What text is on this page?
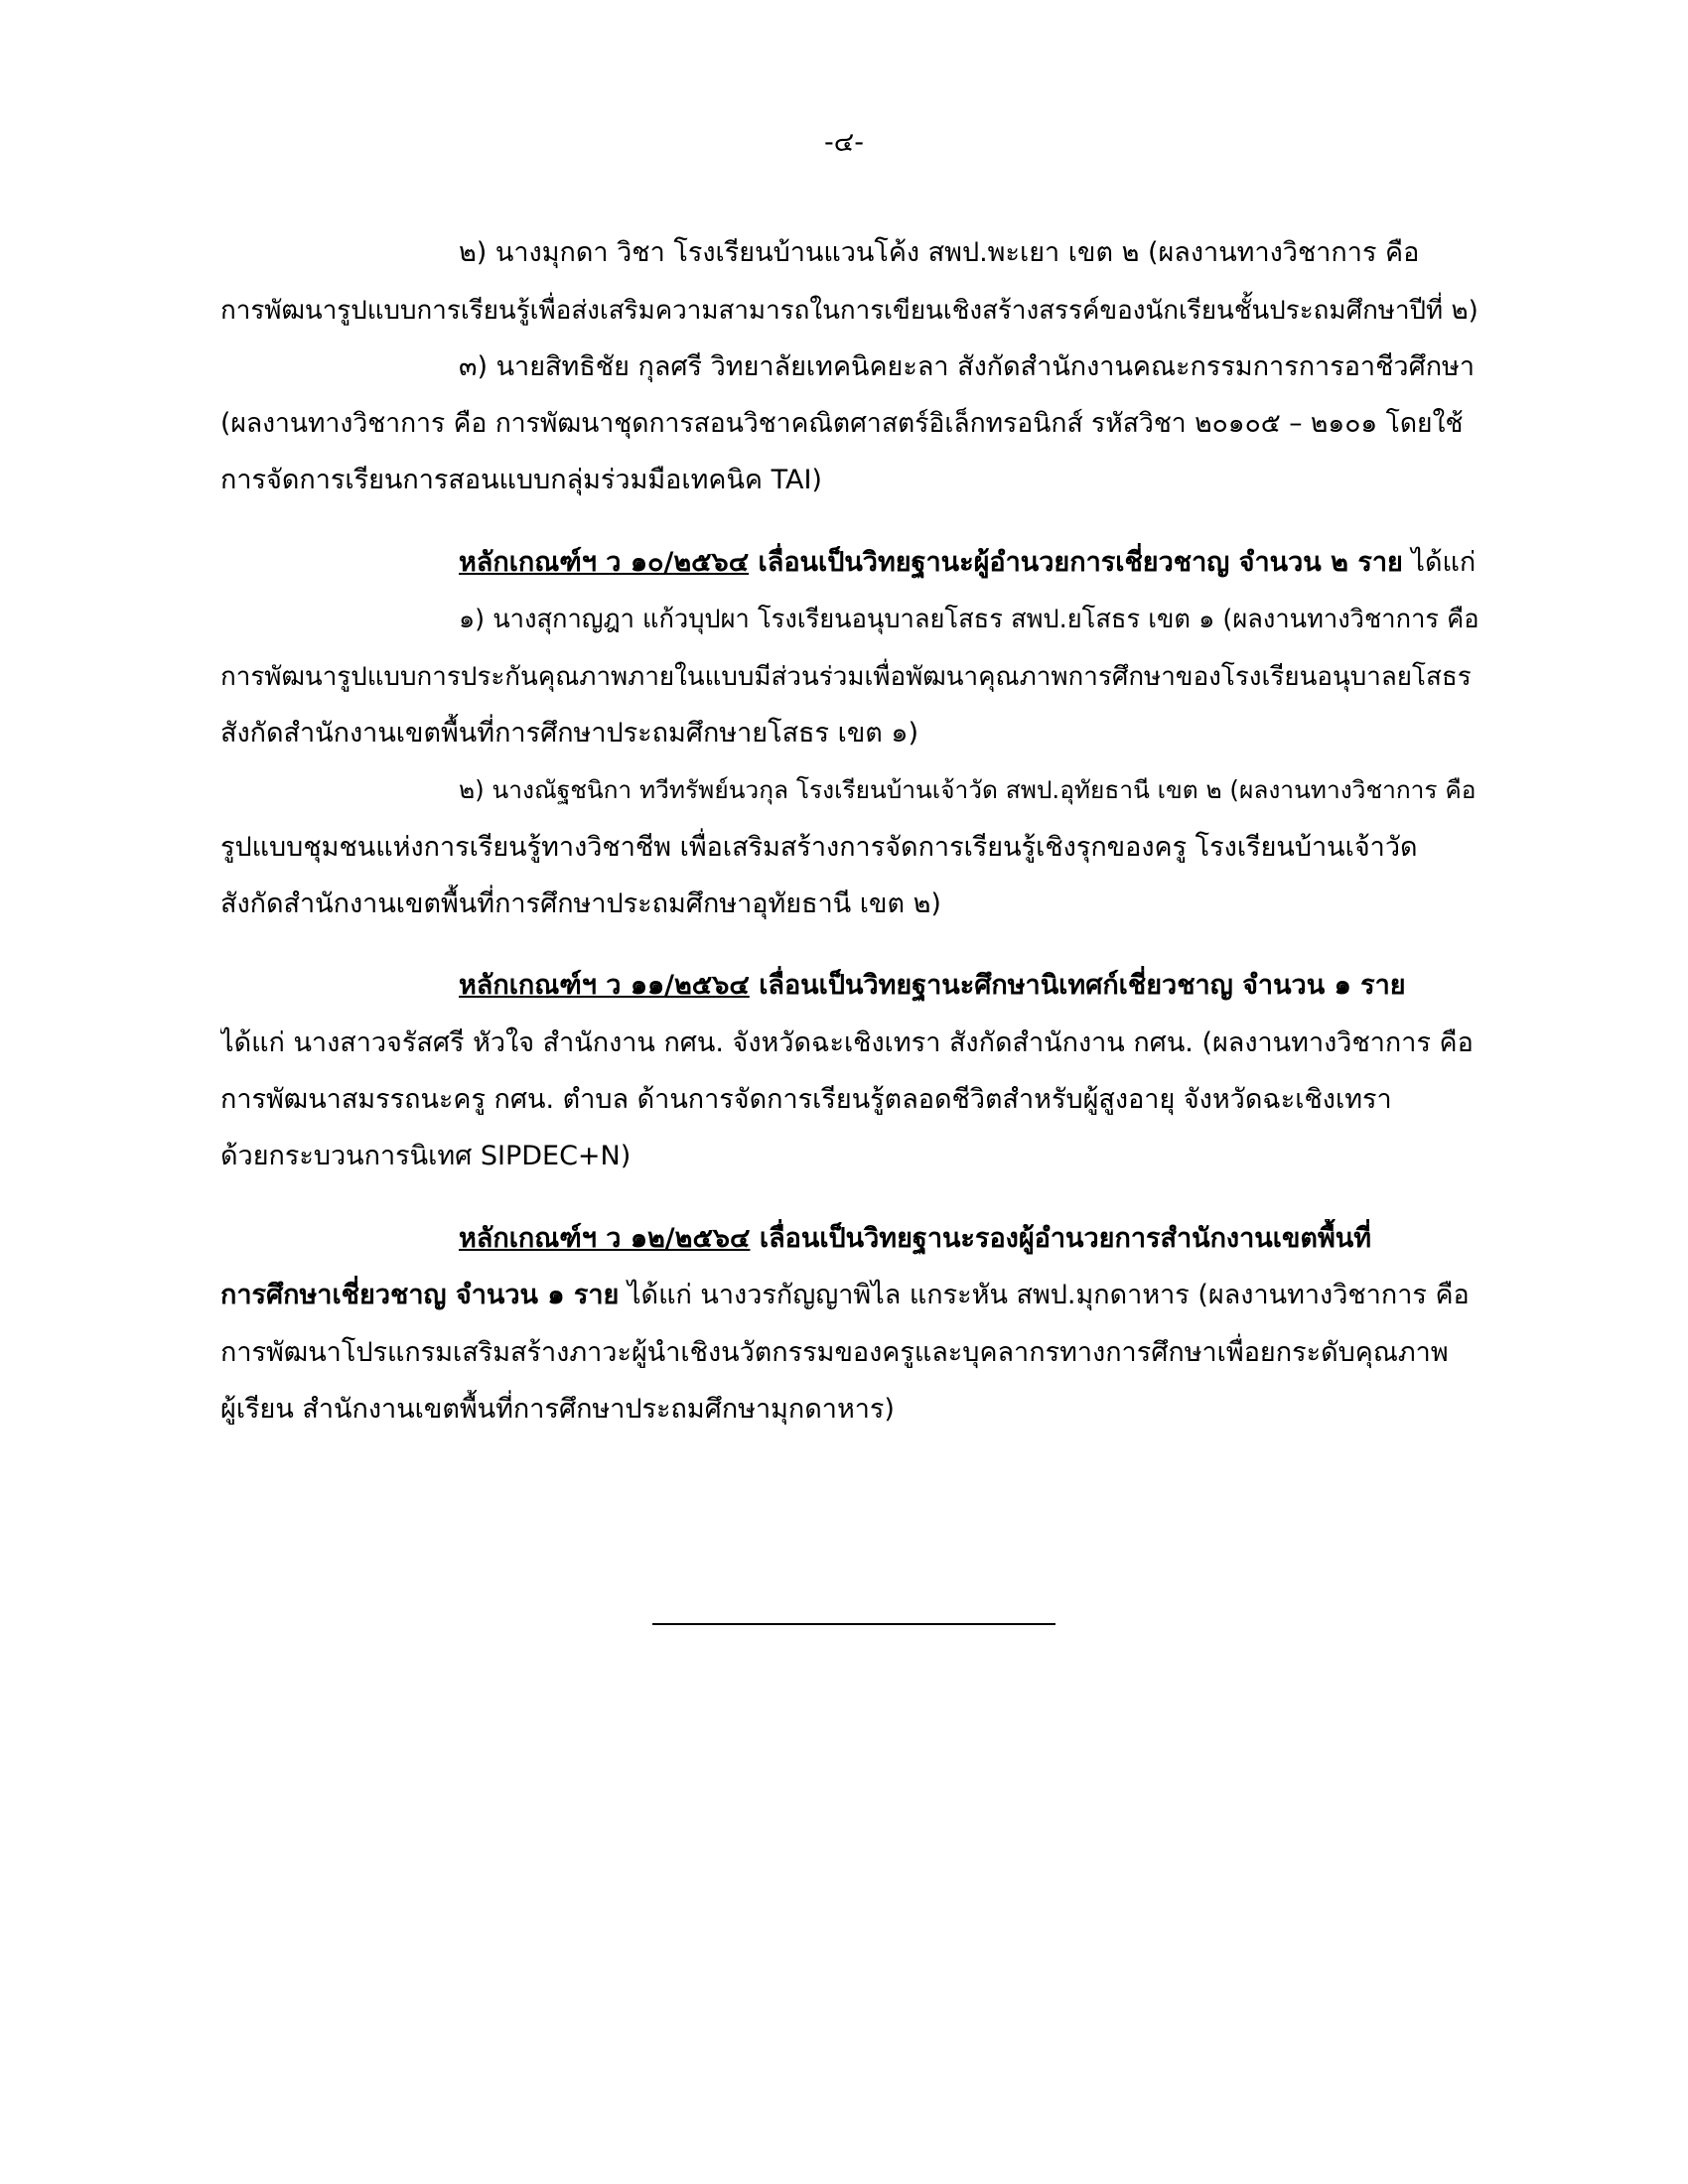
-๔-
๒) นางมุกดา วิชา โรงเรียนบ้านแวนโค้ง สพป.พะเยา เขต ๒ (ผลงานทางวิชาการ คือ
การพัฒนารูปแบบการเรียนรู้เพื่อส่งเสริมความสามารถในการเขียนเชิงสร้างสรรค์ของนักเรียนชั้นประถมศึกษาปีที่ ๒)
๓) นายสิทธิชัย กุลศรี วิทยาลัยเทคนิคยะลา สังกัดสำนักงานคณะกรรมการการอาชีวศึกษา
(ผลงานทางวิชาการ คือ การพัฒนาชุดการสอนวิชาคณิตศาสตร์อิเล็กทรอนิกส์ รหัสวิชา ๒๐๑๐๕ – ๒๑๐๑ โดยใช้
การจัดการเรียนการสอนแบบกลุ่มร่วมมือเทคนิค TAI)
หลักเกณฑ์ฯ ว ๑๐/๒๕๖๔ เลื่อนเป็นวิทยฐานะผู้อำนวยการเชี่ยวชาญ จำนวน ๒ ราย ได้แก่
๑) นางสุกาญฎา แก้วบุปผา โรงเรียนอนุบาลยโสธร สพป.ยโสธร เขต ๑ (ผลงานทางวิชาการ คือ
การพัฒนารูปแบบการประกันคุณภาพภายในแบบมีส่วนร่วมเพื่อพัฒนาคุณภาพการศึกษาของโรงเรียนอนุบาลยโสธร
สังกัดสำนักงานเขตพื้นที่การศึกษาประถมศึกษายโสธร เขต ๑)
๒) นางณัฐชนิกา ทวีทรัพย์นวกุล โรงเรียนบ้านเจ้าวัด สพป.อุทัยธานี เขต ๒ (ผลงานทางวิชาการ คือ
รูปแบบชุมชนแห่งการเรียนรู้ทางวิชาชีพ เพื่อเสริมสร้างการจัดการเรียนรู้เชิงรุกของครู โรงเรียนบ้านเจ้าวัด
สังกัดสำนักงานเขตพื้นที่การศึกษาประถมศึกษาอุทัยธานี เขต ๒)
หลักเกณฑ์ฯ ว ๑๑/๒๕๖๔ เลื่อนเป็นวิทยฐานะศึกษานิเทศก์เชี่ยวชาญ จำนวน ๑ ราย
ได้แก่ นางสาวจรัสศรี หัวใจ สำนักงาน กศน. จังหวัดฉะเชิงเทรา สังกัดสำนักงาน กศน. (ผลงานทางวิชาการ คือ
การพัฒนาสมรรถนะครู กศน. ตำบล ด้านการจัดการเรียนรู้ตลอดชีวิตสำหรับผู้สูงอายุ จังหวัดฉะเชิงเทรา
ด้วยกระบวนการนิเทศ SIPDEC+N)
หลักเกณฑ์ฯ ว ๑๒/๒๕๖๔ เลื่อนเป็นวิทยฐานะรองผู้อำนวยการสำนักงานเขตพื้นที่
การศึกษาเชี่ยวชาญ จำนวน ๑ ราย ได้แก่ นางวรกัญญาพิไล แกระหัน สพป.มุกดาหาร (ผลงานทางวิชาการ คือ
การพัฒนาโปรแกรมเสริมสร้างภาวะผู้นำเชิงนวัตกรรมของครูและบุคลากรทางการศึกษาเพื่อยกระดับคุณภาพ
ผู้เรียน สำนักงานเขตพื้นที่การศึกษาประถมศึกษามุกดาหาร)
